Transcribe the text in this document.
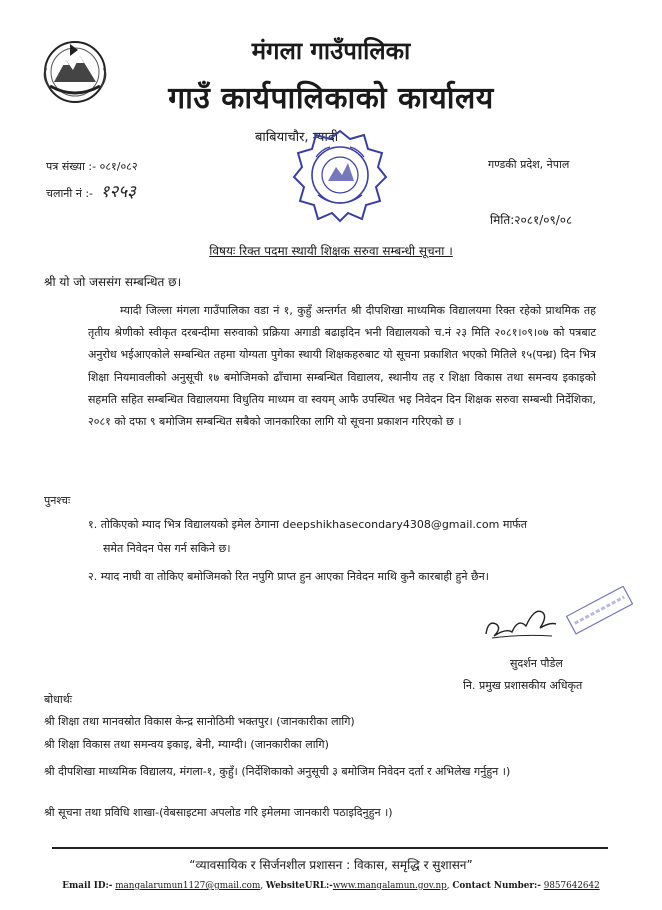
मंगला गाउँपालिका
गाउँ कार्यपालिकाको कार्यालय
बाबियाचौर, म्यादी
गण्डकी प्रदेश, नेपाल
पत्र संख्या :- ०८१/०८२
चलानी नं :- १२५३
मिति:२०८१/०९/०८
विषयः रिक्त पदमा स्थायी शिक्षक सरुवा सम्बन्धी सूचना ।
श्री यो जो जससंग सम्बन्धित छ।

म्यादी जिल्ला मंगला गाउँपालिका वडा नं १, कुहुँ अन्तर्गत श्री दीपशिखा माध्यमिक विद्यालयमा रिक्त रहेको प्राथमिक तह तृतीय श्रेणीको स्वीकृत दरबन्दीमा सरुवाको प्रक्रिया अगाडी बढाइदिन भनी विद्यालयको च.नं २३ मिति २०८१।०९।०७ को पत्रबाट अनुरोध भईआएकोले सम्बन्धित तहमा योग्यता पुगेका स्थायी शिक्षकहरुबाट यो सूचना प्रकाशित भएको मितिले १५(पन्ध्र) दिन भित्र शिक्षा नियमावलीको अनुसूची १७ बमोजिमको ढाँचामा सम्बन्धित विद्यालय, स्थानीय तह र शिक्षा विकास तथा समन्वय इकाइको सहमति सहित सम्बन्धित विद्यालयमा विधुतिय माध्यम वा स्वयम् आफै उपस्थित भइ निवेदन दिन शिक्षक सरुवा सम्बन्धी निर्देशिका, २०८१ को दफा ९ बमोजिम सम्बन्धित सबैको जानकारिका लागि यो सूचना प्रकाशन गरिएको छ ।

पुनश्चः
१. तोकिएको म्याद भित्र विद्यालयको इमेल ठेगाना deepshikhasecondary4308@gmail.com मार्फत
समेत निवेदन पेस गर्न सकिने छ।
२. म्याद नाघी वा तोकिए बमोजिमको रित नपुगि प्राप्त हुन आएका निवेदन माथि कुनै कारबाही हुने छैन।
सुदर्शन पौडेल
नि. प्रमुख प्रशासकीय अधिकृत
बोधार्थः
श्री शिक्षा तथा मानवस्रोत विकास केन्द्र सानोठिमी भक्तपुर। (जानकारीका लागि)
श्री शिक्षा विकास तथा समन्वय इकाइ, बेनी, म्याग्दी। (जानकारीका लागि)
श्री दीपशिखा माध्यमिक विद्यालय, मंगला-१, कुहुँ। (निर्देशिकाको अनुसूची ३ बमोजिम निवेदन दर्ता र अभिलेख गर्नुहुन ।)
श्री सूचना तथा प्रविधि शाखा-(वेबसाइटमा अपलोड गरि इमेलमा जानकारी पठाइदिनुहुन ।)
“व्यावसायिक र सिर्जनशील प्रशासन : विकास, समृद्धि र सुशासन”
Email ID:- mangalarumun1127@gmail.com, WebsiteURL:-www.mangalamun.gov.np, Contact Number:- 9857642642
